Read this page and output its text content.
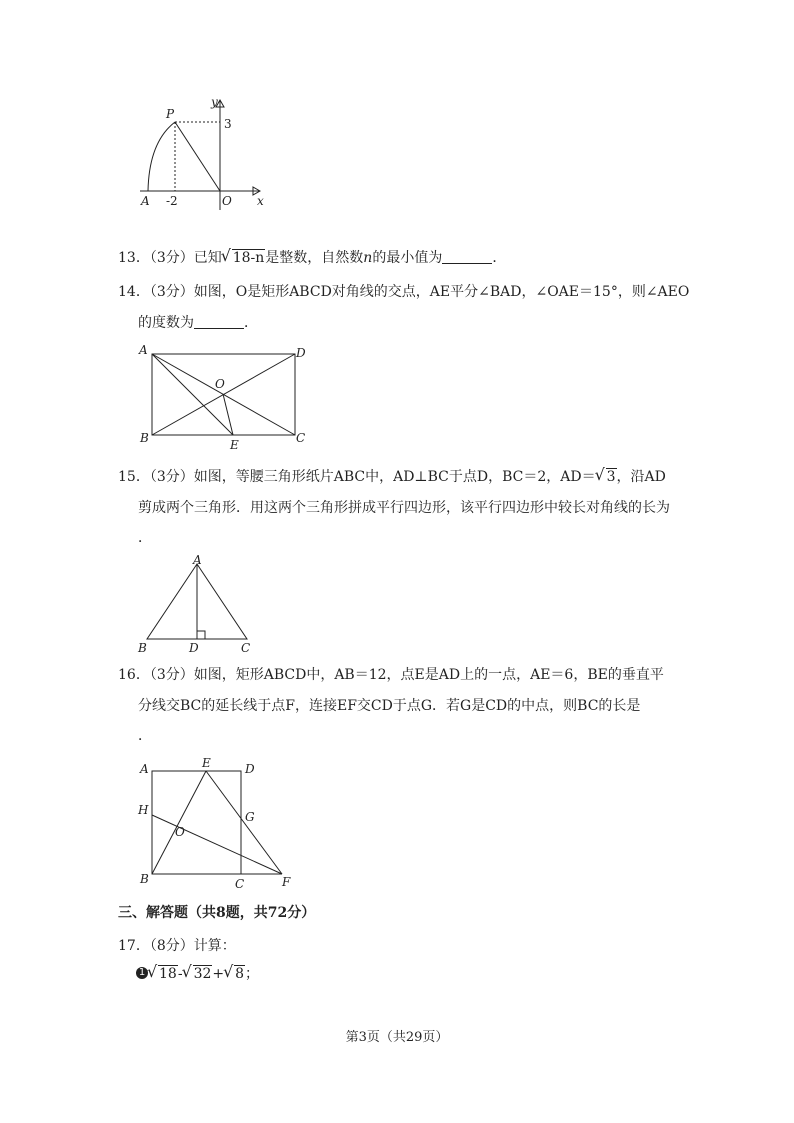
P
y
3
A -2	O x
13．（3分）已知 √ 18-n是整数，自然数n的最小值为	．
14．（3分）如图，O是矩形ABCD对角线的交点，AE平分∠BAD，∠OAE＝15°，则∠AEO
的度数为	．
A	D
O
B	E	C
15．（3分）如图，等腰三角形纸片ABC中，AD⊥BC于点D，BC＝2，AD＝ √ 3，沿AD
剪成两个三角形．用这两个三角形拼成平行四边形，该平行四边形中较长对角线的长为
．
A
B	D	C
16．（3分）如图，矩形ABCD中，AB＝12，点E是AD上的一点，AE＝6，BE的垂直平
分线交BC的延长线于点F，连接EF交CD于点G．若G是CD的中点，则BC的长是
．
A	E	D
H	G
O
B	C	F
三、解答题（共8题，共72分）
17．（8分）计算：
1 √ 18- √ 32+ √ 8；
第3页（共29页）
